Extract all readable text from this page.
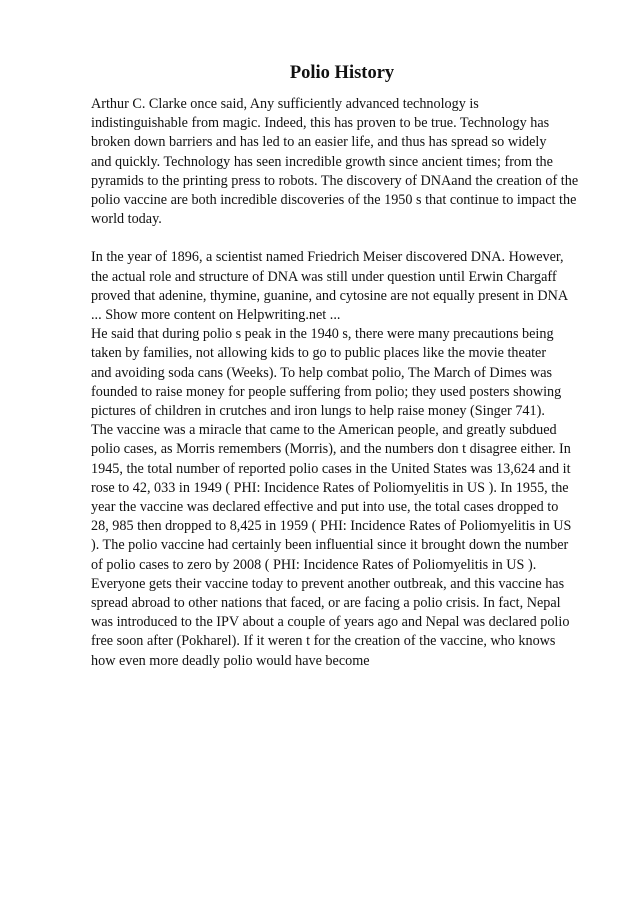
Polio History

Arthur C. Clarke once said, Any sufficiently advanced technology is
indistinguishable from magic. Indeed, this has proven to be true. Technology has
broken down barriers and has led to an easier life, and thus has spread so widely
and quickly. Technology has seen incredible growth since ancient times; from the
pyramids to the printing press to robots. The discovery of DNAand the creation of the
polio vaccine are both incredible discoveries of the 1950 s that continue to impact the
world today.

In the year of 1896, a scientist named Friedrich Meiser discovered DNA. However,
the actual role and structure of DNA was still under question until Erwin Chargaff
proved that adenine, thymine, guanine, and cytosine are not equally present in DNA
... Show more content on Helpwriting.net ...

He said that during polio s peak in the 1940 s, there were many precautions being
taken by families, not allowing kids to go to public places like the movie theater
and avoiding soda cans (Weeks). To help combat polio, The March of Dimes was
founded to raise money for people suffering from polio; they used posters showing
pictures of children in crutches and iron lungs to help raise money (Singer 741).
The vaccine was a miracle that came to the American people, and greatly subdued
polio cases, as Morris remembers (Morris), and the numbers don t disagree either. In
1945, the total number of reported polio cases in the United States was 13,624 and it
rose to 42, 033 in 1949 ( PHI: Incidence Rates of Poliomyelitis in US ). In 1955, the
year the vaccine was declared effective and put into use, the total cases dropped to
28, 985 then dropped to 8,425 in 1959 ( PHI: Incidence Rates of Poliomyelitis in US
). The polio vaccine had certainly been influential since it brought down the number
of polio cases to zero by 2008 ( PHI: Incidence Rates of Poliomyelitis in US ).
Everyone gets their vaccine today to prevent another outbreak, and this vaccine has
spread abroad to other nations that faced, or are facing a polio crisis. In fact, Nepal
was introduced to the IPV about a couple of years ago and Nepal was declared polio
free soon after (Pokharel). If it weren t for the creation of the vaccine, who knows
how even more deadly polio would have become
